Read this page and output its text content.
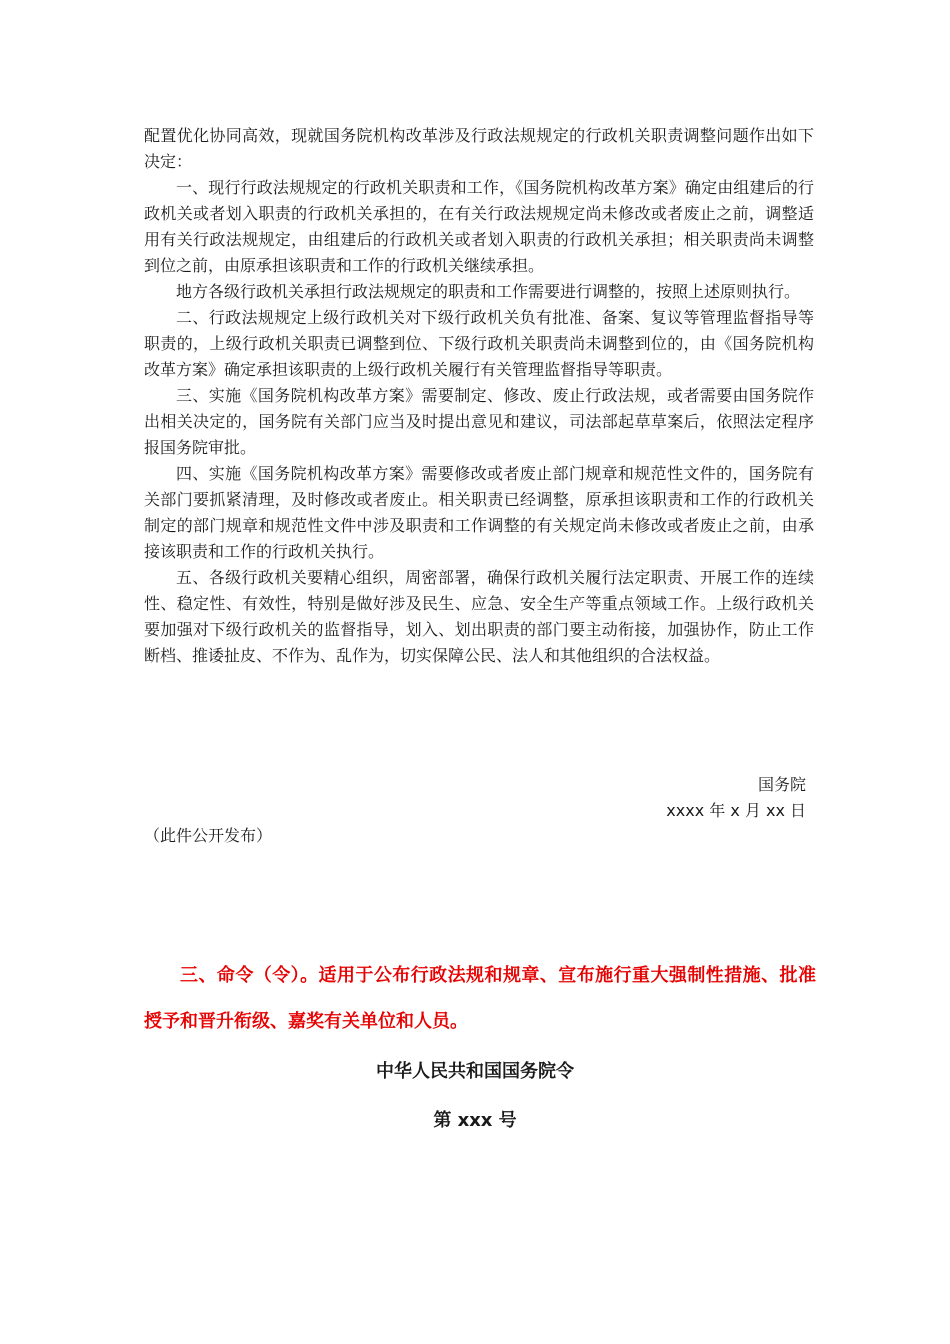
配置优化协同高效，现就国务院机构改革涉及行政法规规定的行政机关职责调整问题作出如下决定：

一、现行行政法规规定的行政机关职责和工作，《国务院机构改革方案》确定由组建后的行政机关或者划入职责的行政机关承担的，在有关行政法规规定尚未修改或者废止之前，调整适用有关行政法规规定，由组建后的行政机关或者划入职责的行政机关承担；相关职责尚未调整到位之前，由原承担该职责和工作的行政机关继续承担。

地方各级行政机关承担行政法规规定的职责和工作需要进行调整的，按照上述原则执行。

二、行政法规规定上级行政机关对下级行政机关负有批准、备案、复议等管理监督指导等职责的，上级行政机关职责已调整到位、下级行政机关职责尚未调整到位的，由《国务院机构改革方案》确定承担该职责的上级行政机关履行有关管理监督指导等职责。

三、实施《国务院机构改革方案》需要制定、修改、废止行政法规，或者需要由国务院作出相关决定的，国务院有关部门应当及时提出意见和建议，司法部起草草案后，依照法定程序报国务院审批。

四、实施《国务院机构改革方案》需要修改或者废止部门规章和规范性文件的，国务院有关部门要抓紧清理，及时修改或者废止。相关职责已经调整，原承担该职责和工作的行政机关制定的部门规章和规范性文件中涉及职责和工作调整的有关规定尚未修改或者废止之前，由承接该职责和工作的行政机关执行。

五、各级行政机关要精心组织，周密部署，确保行政机关履行法定职责、开展工作的连续性、稳定性、有效性，特别是做好涉及民生、应急、安全生产等重点领域工作。上级行政机关要加强对下级行政机关的监督指导，划入、划出职责的部门要主动衔接，加强协作，防止工作断档、推诿扯皮、不作为、乱作为，切实保障公民、法人和其他组织的合法权益。

国务院
xxxx 年 x 月 xx 日
（此件公开发布）

三、命令（令）。适用于公布行政法规和规章、宣布施行重大强制性措施、批准授予和晋升衔级、嘉奖有关单位和人员。

中华人民共和国国务院令
第 xxx 号
